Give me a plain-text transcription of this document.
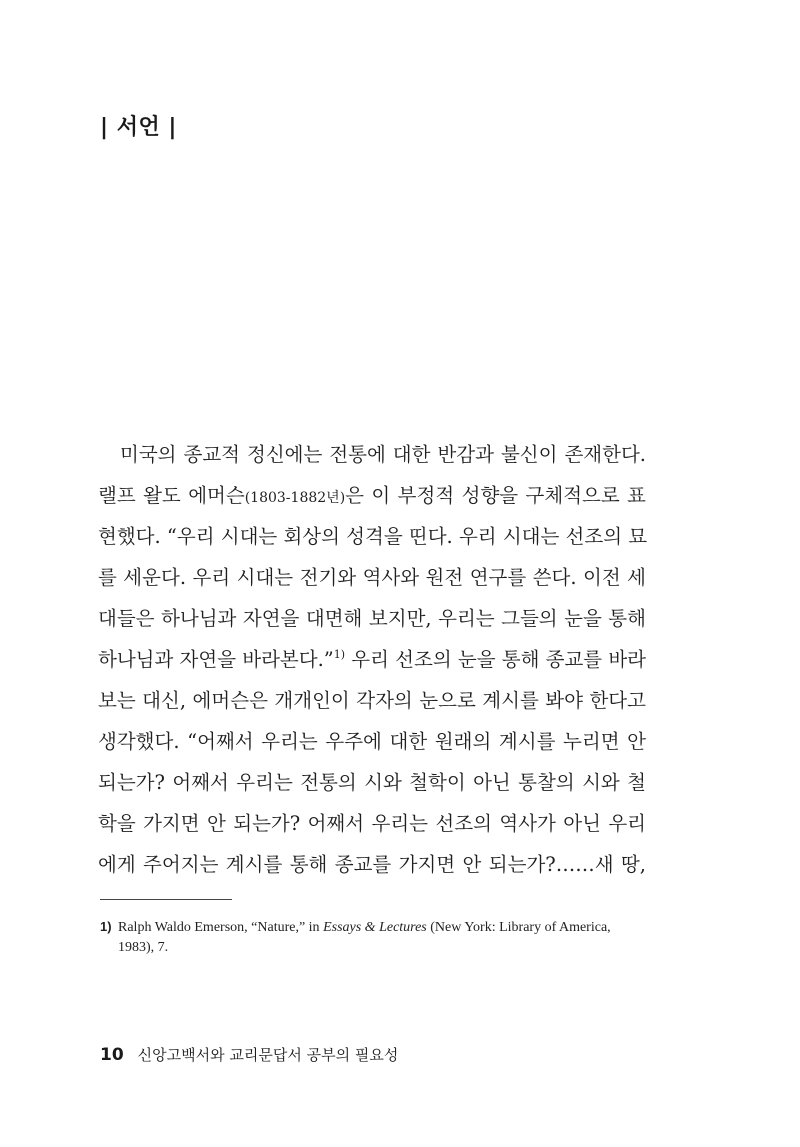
| 서언 |
미국의 종교적 정신에는 전통에 대한 반감과 불신이 존재한다.
랠프 왈도 에머슨(1803-1882년)은 이 부정적 성향을 구체적으로 표
현했다. “우리 시대는 회상의 성격을 띤다. 우리 시대는 선조의 묘
를 세운다. 우리 시대는 전기와 역사와 원전 연구를 쓴다. 이전 세
대들은 하나님과 자연을 대면해 보지만, 우리는 그들의 눈을 통해
하나님과 자연을 바라본다.”$^{1)}$ 우리 선조의 눈을 통해 종교를 바라
보는 대신, 에머슨은 개개인이 각자의 눈으로 계시를 봐야 한다고
생각했다. “어째서 우리는 우주에 대한 원래의 계시를 누리면 안
되는가? 어째서 우리는 전통의 시와 철학이 아닌 통찰의 시와 철
학을 가지면 안 되는가? 어째서 우리는 선조의 역사가 아닌 우리
에게 주어지는 계시를 통해 종교를 가지면 안 되는가?……새 땅,
1) Ralph Waldo Emerson, “Nature,” in Essays & Lectures (New York: Library of America,
1983), 7.
10 신앙고백서와 교리문답서 공부의 필요성
